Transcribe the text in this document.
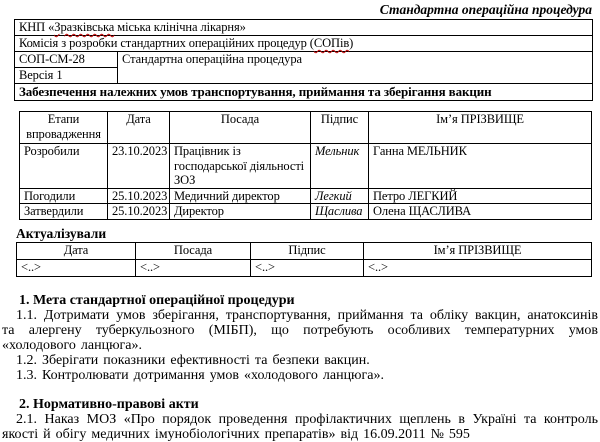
Стандартна операційна процедура
КНП «Зразківська міська клінічна лікарня»
Комісія з розробки стандартних операційних процедур (СОПів)
СОП-СМ-28	Стандартна операційна процедура
Версія 1
Забезпечення належних умов транспортування, приймання та зберігання вакцин
Етапи впровадження	Дата	Посада	Підпис	Ім’я ПРІЗВИЩЕ
Розробили	23.10.2023	Працівник із господарської діяльності ЗОЗ	Мельник	Ганна МЕЛЬНИК
Погодили	25.10.2023	Медичний директор	Легкий	Петро ЛЕГКИЙ
Затвердили	25.10.2023	Директор	Щаслива	Олена ЩАСЛИВА
Актуалізували
Дата	Посада	Підпис	Ім’я ПРІЗВИЩЕ
<..>	<..>	<..>	<..>
1. Мета стандартної операційної процедури

1.1. Дотримати умов зберігання, транспортування, приймання та обліку вакцин, анатоксинів та алергену туберкульозного (МІБП), що потребують особливих температурних умов «холодового ланцюга».

1.2. Зберігати показники ефективності та безпеки вакцин.

1.3. Контролювати дотримання умов «холодового ланцюга».

2. Нормативно-правові акти

2.1. Наказ МОЗ «Про порядок проведення профілактичних щеплень в Україні та контроль якості й обігу медичних імунобіологічних препаратів» від 16.09.2011 № 595
